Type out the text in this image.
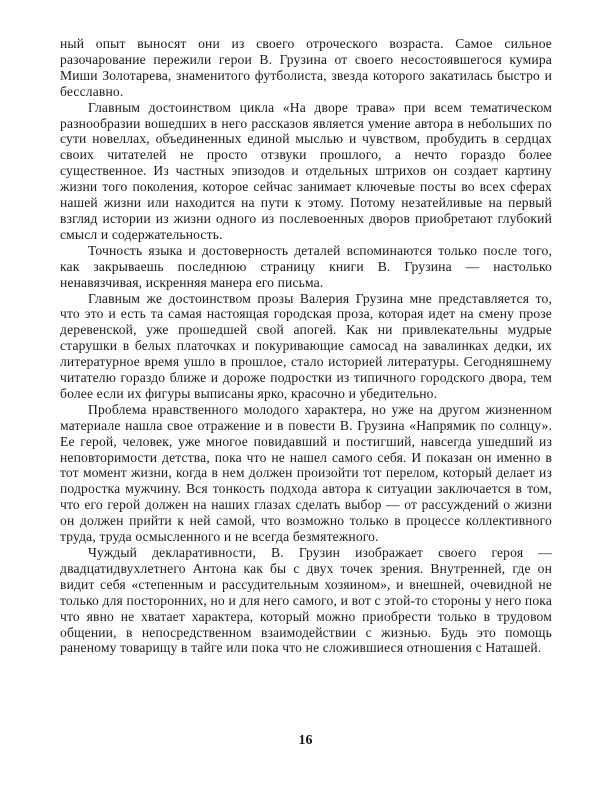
ный опыт выносят они из своего отроческого возраста. Самое сильное разочарование пережили герои В. Грузина от своего несостоявшегося кумира Миши Золотарева, знаменитого футболиста, звезда которого закатилась быстро и бесславно.

Главным достоинством цикла «На дворе трава» при всем тематическом разнообразии вошедших в него рассказов является умение автора в небольших по сути новеллах, объединенных единой мыслью и чувством, пробудить в сердцах своих читателей не просто отзвуки прошлого, а нечто гораздо более существенное. Из частных эпизодов и отдельных штрихов он создает картину жизни того поколения, которое сейчас занимает ключевые посты во всех сферах нашей жизни или находится на пути к этому. Потому незатейливые на первый взгляд истории из жизни одного из послевоенных дворов приобретают глубокий смысл и содержательность.

Точность языка и достоверность деталей вспоминаются только после того, как закрываешь последнюю страницу книги В. Грузина — настолько ненавязчивая, искренняя манера его письма.

Главным же достоинством прозы Валерия Грузина мне представляется то, что это и есть та самая настоящая городская проза, которая идет на смену прозе деревенской, уже прошедшей свой апогей. Как ни привлекательны мудрые старушки в белых платочках и покуривающие самосад на завалинках дедки, их литературное время ушло в прошлое, стало историей литературы. Сегодняшнему читателю гораздо ближе и дороже подростки из типичного городского двора, тем более если их фигуры выписаны ярко, красочно и убедительно.

Проблема нравственного молодого характера, но уже на другом жизненном материале нашла свое отражение и в повести В. Грузина «Напрямик по солнцу». Ее герой, человек, уже многое повидавший и постигший, навсегда ушедший из неповторимости детства, пока что не нашел самого себя. И показан он именно в тот момент жизни, когда в нем должен произойти тот перелом, который делает из подростка мужчину. Вся тонкость подхода автора к ситуации заключается в том, что его герой должен на наших глазах сделать выбор — от рассуждений о жизни он должен прийти к ней самой, что возможно только в процессе коллективного труда, труда осмысленного и не всегда безмятежного.

Чуждый декларативности, В. Грузин изображает своего героя — двадцатидвухлетнего Антона как бы с двух точек зрения. Внутренней, где он видит себя «степенным и рассудительным хозяином», и внешней, очевидной не только для посторонних, но и для него самого, и вот с этой-то стороны у него пока что явно не хватает характера, который можно приобрести только в трудовом общении, в непосредственном взаимодействии с жизнью. Будь это помощь раненому товарищу в тайге или пока что не сложившиеся отношения с Наташей.

16
